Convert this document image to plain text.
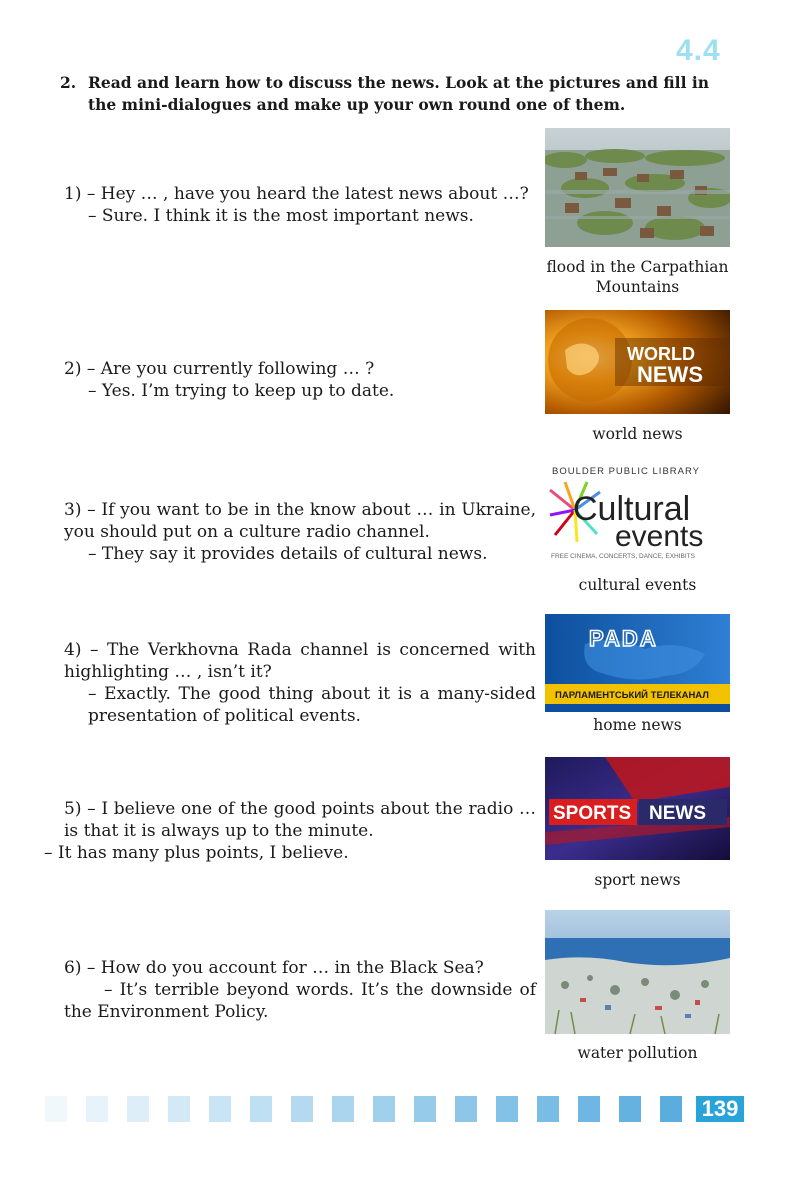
4.4
2. Read and learn how to discuss the news. Look at the pictures and fill in the mini-dialogues and make up your own round one of them.

1) – Hey … , have you heard the latest news about …?

– Sure. I think it is the most important news.

2) – Are you currently following … ?

– Yes. I’m trying to keep up to date.

3) – If you want to be in the know about … in Ukraine, you should put on a culture radio channel.

– They say it provides details of cultural news.

4) – The Verkhovna Rada channel is concerned with highlighting … , isn’t it?

– Exactly. The good thing about it is a many-sided presentation of political events.

5) – I believe one of the good points about the radio … is that it is always up to the minute.

– It has many plus points, I believe.

6) – How do you account for … in the Black Sea?

– It’s terrible beyond words. It’s the downside of the Environment Policy.

flood in the Carpathian Mountains
WORLD
NEWS
world news
BOULDER PUBLIC LIBRARY
Cultural
events
FREE CINEMA, CONCERTS, DANCE, EXHIBITS
cultural events
PADA
ПАРЛАМЕНТСЬКИЙ ТЕЛЕКАНАЛ
home news
SPORTS NEWS
sport news
water pollution
139
